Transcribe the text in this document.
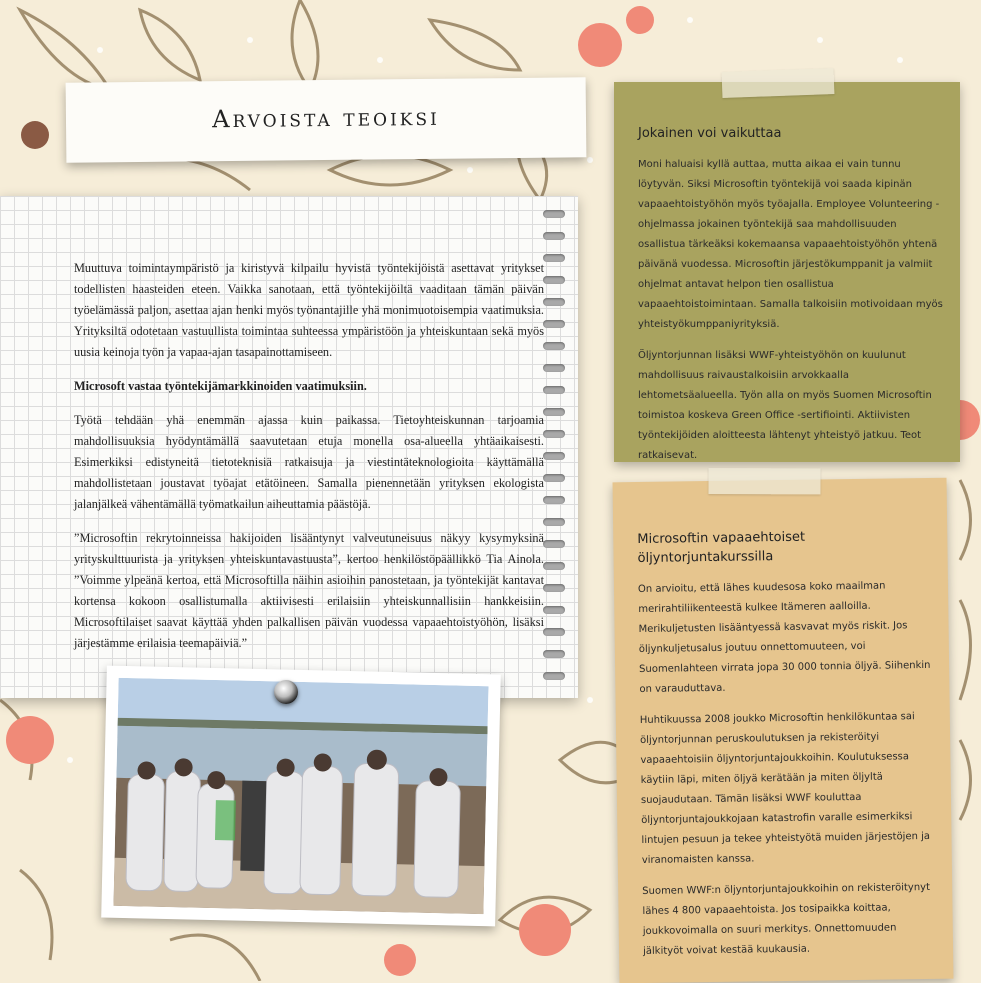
Arvoista teoiksi

Muuttuva toimintaympäristö ja kiristyvä kilpailu hyvistä työntekijöistä asettavat yritykset todellisten haasteiden eteen. Vaikka sanotaan, että työntekijöiltä vaaditaan tämän päivän työelämässä paljon, asettaa ajan henki myös työnantajille yhä monimuotoisempia vaatimuksia. Yrityksiltä odotetaan vastuullista toimintaa suhteessa ympäristöön ja yhteiskuntaan sekä myös uusia keinoja työn ja vapaa-ajan tasapainottamiseen.

Microsoft vastaa työntekijämarkkinoiden vaatimuksiin.

Työtä tehdään yhä enemmän ajassa kuin paikassa. Tietoyhteiskunnan tarjoamia mahdollisuuksia hyödyntämällä saavutetaan etuja monella osa-alueella yhtäaikaisesti. Esimerkiksi edistyneitä tietoteknisiä ratkaisuja ja viestintäteknologioita käyttämällä mahdollistetaan joustavat työajat etätöineen. Samalla pienennetään yrityksen ekologista jalanjälkeä vähentämällä työmatkailun aiheuttamia päästöjä.

”Microsoftin rekrytoinneissa hakijoiden lisääntynyt valveutuneisuus näkyy kysymyksinä yrityskulttuurista ja yrityksen yhteiskuntavastuusta”, kertoo henkilöstöpäällikkö Tia Ainola. ”Voimme ylpeänä kertoa, että Microsoftilla näihin asioihin panostetaan, ja työntekijät kantavat kortensa kokoon osallistumalla aktiivisesti erilaisiin yhteiskunnallisiin hankkeisiin. Microsoftilaiset saavat käyttää yhden palkallisen päivän vuodessa vapaaehtoistyöhön, lisäksi järjestämme erilaisia teemapäiviä.”

Jokainen voi vaikuttaa

Moni haluaisi kyllä auttaa, mutta aikaa ei vain tunnu löytyvän. Siksi Microsoftin työntekijä voi saada kipinän vapaaehtoistyöhön myös työajalla. Employee Volunteering -ohjelmassa jokainen työntekijä saa mahdollisuuden osallistua tärkeäksi kokemaansa vapaaehtoistyöhön yhtenä päivänä vuodessa. Microsoftin järjestökumppanit ja valmiit ohjelmat antavat helpon tien osallistua vapaaehtoistoimintaan. Samalla talkoisiin motivoidaan myös yhteistyökumppaniyrityksiä.

Öljyntorjunnan lisäksi WWF-yhteistyöhön on kuulunut mahdollisuus raivaustalkoisiin arvokkaalla lehtometsäalueella. Työn alla on myös Suomen Microsoftin toimistoa koskeva Green Office -sertifiointi. Aktiivisten työntekijöiden aloitteesta lähtenyt yhteistyö jatkuu. Teot ratkaisevat.

Microsoftin vapaaehtoiset öljyntorjuntakurssilla

On arvioitu, että lähes kuudesosa koko maailman merirahtiliikenteestä kulkee Itämeren aalloilla. Merikuljetusten lisääntyessä kasvavat myös riskit. Jos öljynkuljetusalus joutuu onnettomuuteen, voi Suomenlahteen virrata jopa 30 000 tonnia öljyä. Siihenkin on varauduttava.

Huhtikuussa 2008 joukko Microsoftin henkilökuntaa sai öljyntorjunnan peruskoulutuksen ja rekisteröityi vapaaehtoisiin öljyntorjuntajoukkoihin. Koulutuksessa käytiin läpi, miten öljyä kerätään ja miten öljyltä suojaudutaan. Tämän lisäksi WWF kouluttaa öljyntorjuntajoukkojaan katastrofin varalle esimerkiksi lintujen pesuun ja tekee yhteistyötä muiden järjestöjen ja viranomaisten kanssa.

Suomen WWF:n öljyntorjuntajoukkoihin on rekisteröitynyt lähes 4 800 vapaaehtoista. Jos tosipaikka koittaa, joukkovoimalla on suuri merkitys. Onnettomuuden jälkityöt voivat kestää kuukausia.
